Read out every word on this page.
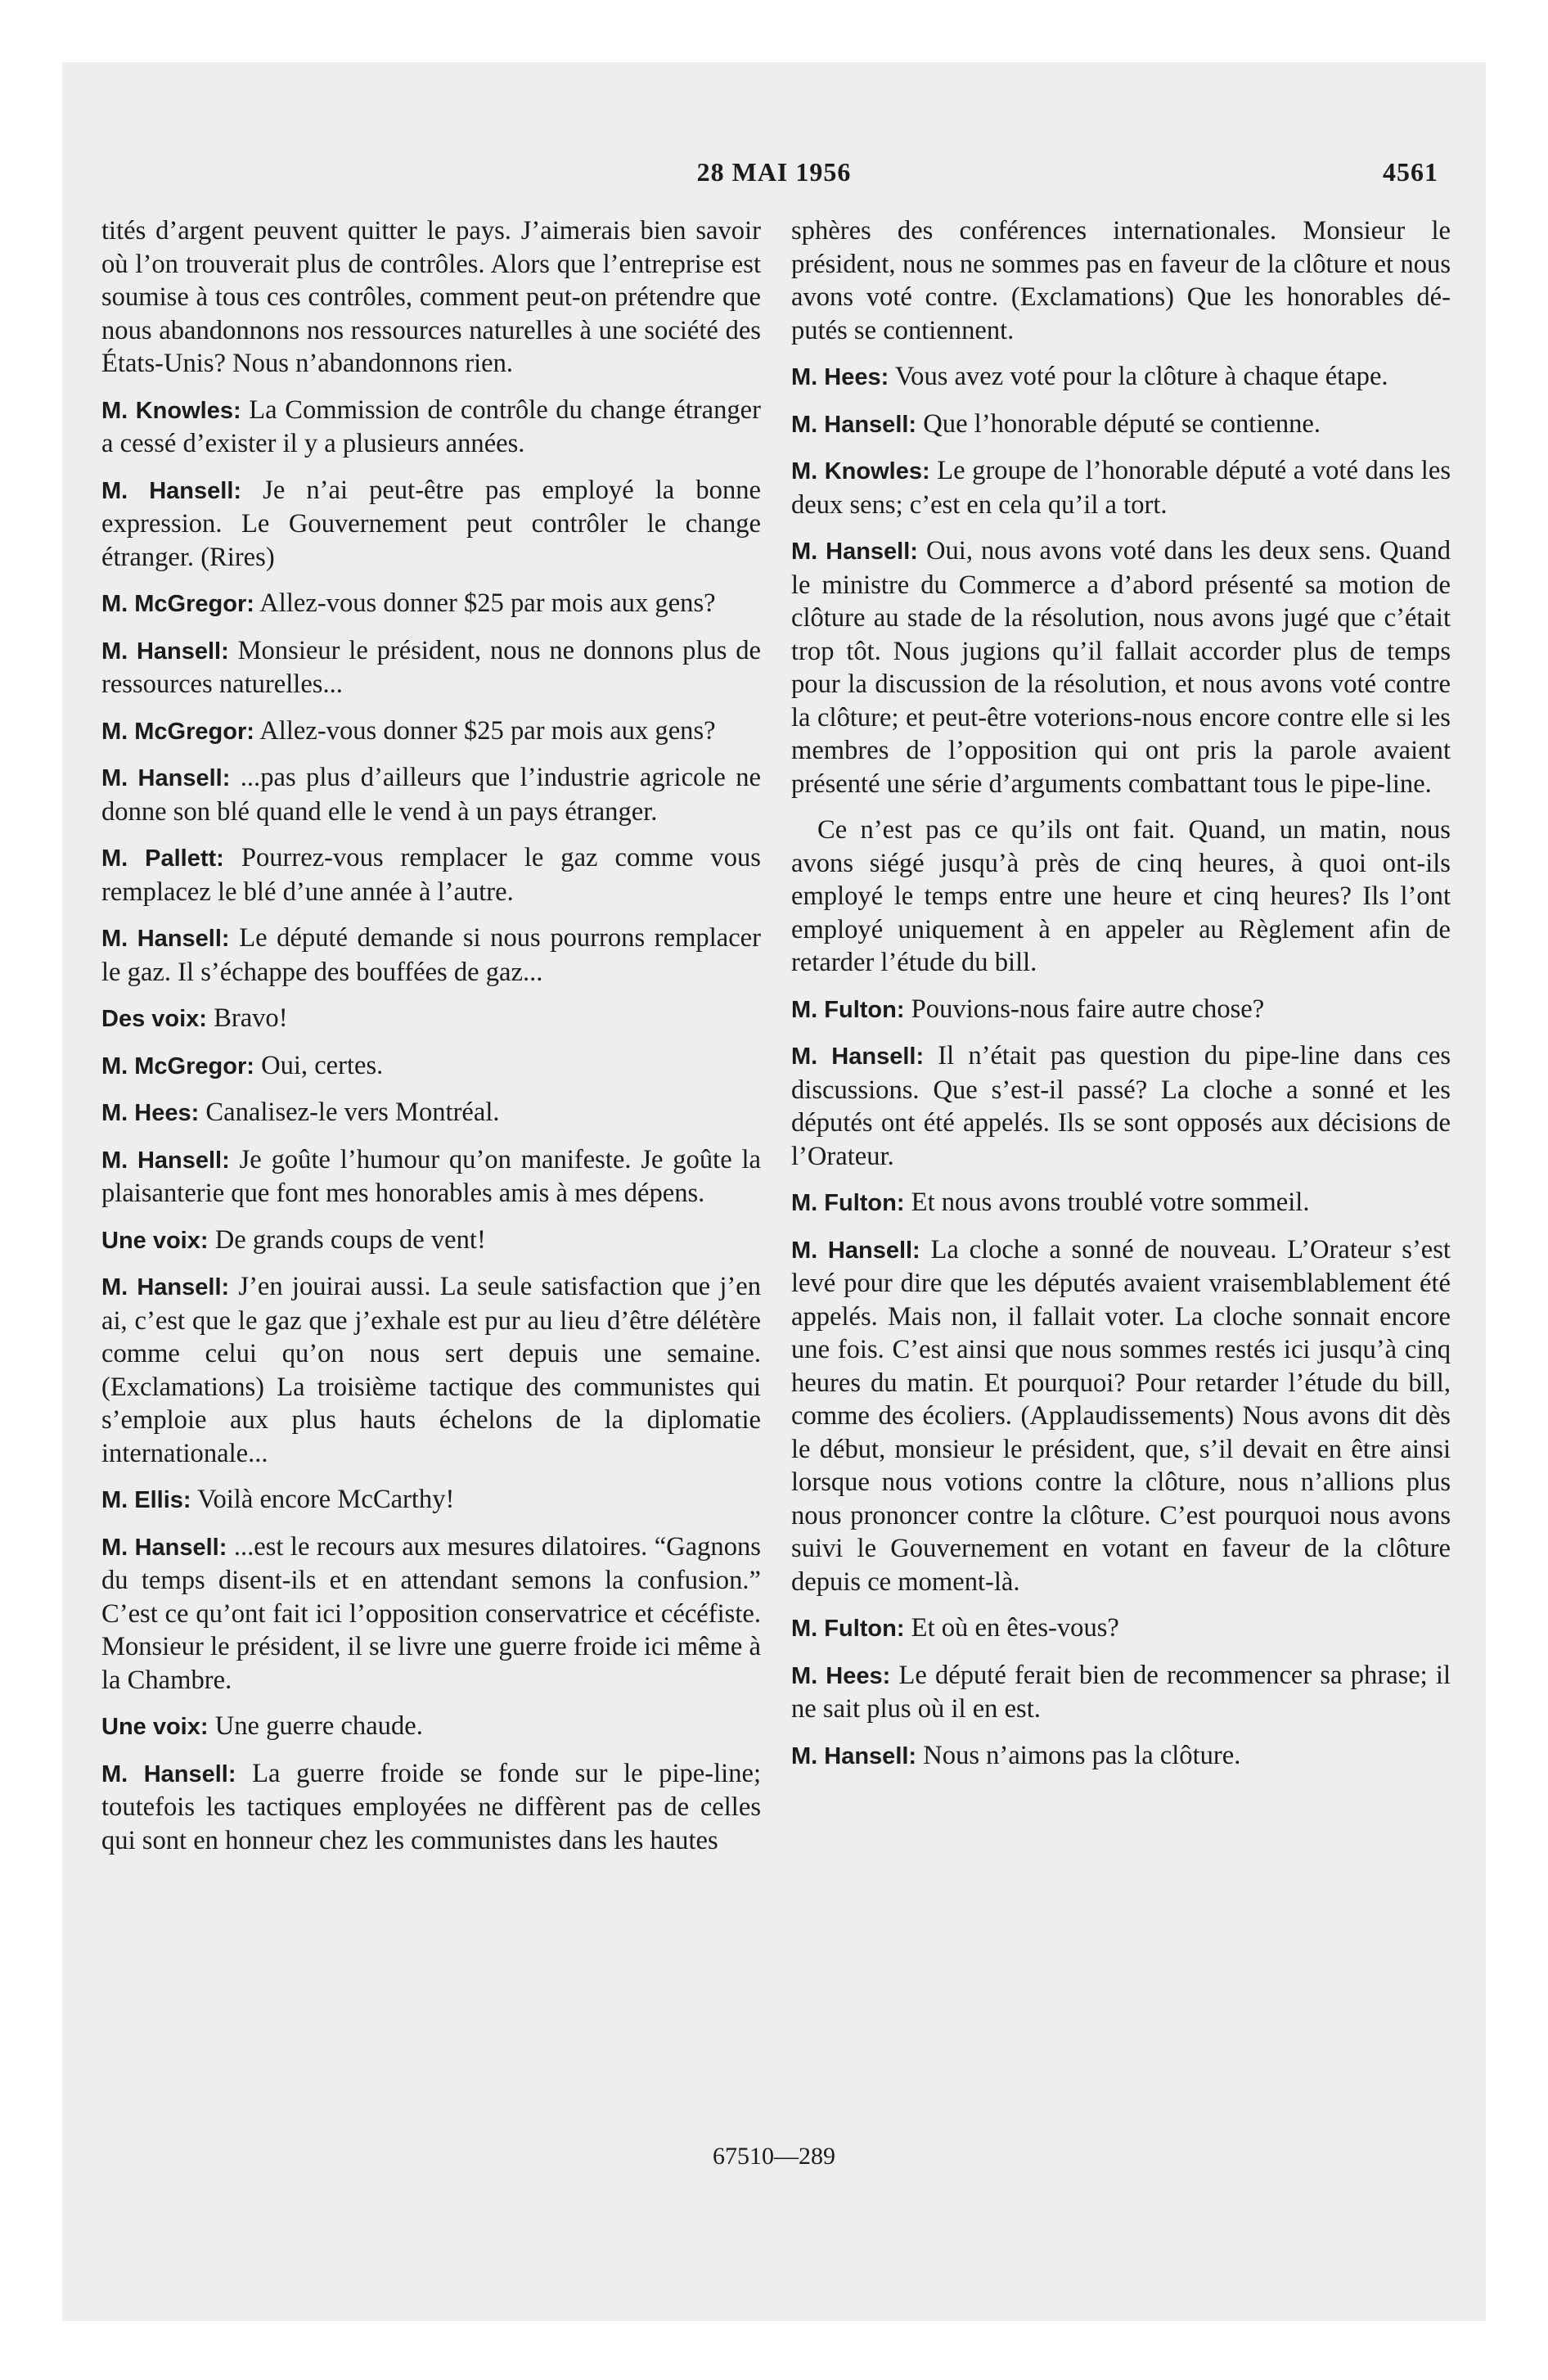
28 MAI 1956	4561

tités d’argent peuvent quitter le pays. J’aimerais bien savoir où l’on trouverait plus de contrôles. Alors que l’entreprise est soumise à tous ces contrôles, comment peut-on prétendre que nous abandonnons nos ressources naturelles à une société des États-Unis? Nous n’abandonnons rien.

M. Knowles: La Commission de contrôle du change étranger a cessé d’exister il y a plusieurs années.

M. Hansell: Je n’ai peut-être pas employé la bonne expression. Le Gouvernement peut contrôler le change étranger. (Rires)

M. McGregor: Allez-vous donner $25 par mois aux gens?

M. Hansell: Monsieur le président, nous ne donnons plus de ressources naturelles...

M. McGregor: Allez-vous donner $25 par mois aux gens?

M. Hansell: ...pas plus d’ailleurs que l’industrie agricole ne donne son blé quand elle le vend à un pays étranger.

M. Pallett: Pourrez-vous remplacer le gaz comme vous remplacez le blé d’une année à l’autre.

M. Hansell: Le député demande si nous pourrons remplacer le gaz. Il s’échappe des bouffées de gaz...

Des voix: Bravo!

M. McGregor: Oui, certes.

M. Hees: Canalisez-le vers Montréal.

M. Hansell: Je goûte l’humour qu’on manifeste. Je goûte la plaisanterie que font mes honorables amis à mes dépens.

Une voix: De grands coups de vent!

M. Hansell: J’en jouirai aussi. La seule satisfaction que j’en ai, c’est que le gaz que j’exhale est pur au lieu d’être délétère comme celui qu’on nous sert depuis une semaine. (Exclamations) La troisième tactique des communistes qui s’emploie aux plus hauts échelons de la diplomatie internationale...

M. Ellis: Voilà encore McCarthy!

M. Hansell: ...est le recours aux mesures dilatoires. “Gagnons du temps disent-ils et en attendant semons la confusion.” C’est ce qu’ont fait ici l’opposition conservatrice et cécéfiste. Monsieur le président, il se livre une guerre froide ici même à la Chambre.

Une voix: Une guerre chaude.

M. Hansell: La guerre froide se fonde sur le pipe-line; toutefois les tactiques employées ne diffèrent pas de celles qui sont en honneur chez les communistes dans les hautes

sphères des conférences internationales. Monsieur le président, nous ne sommes pas en faveur de la clôture et nous avons voté contre. (Exclamations) Que les honorables députés se contiennent.

M. Hees: Vous avez voté pour la clôture à chaque étape.

M. Hansell: Que l’honorable député se contienne.

M. Knowles: Le groupe de l’honorable député a voté dans les deux sens; c’est en cela qu’il a tort.

M. Hansell: Oui, nous avons voté dans les deux sens. Quand le ministre du Commerce a d’abord présenté sa motion de clôture au stade de la résolution, nous avons jugé que c’était trop tôt. Nous jugions qu’il fallait accorder plus de temps pour la discussion de la résolution, et nous avons voté contre la clôture; et peut-être voterions-nous encore contre elle si les membres de l’opposition qui ont pris la parole avaient présenté une série d’arguments combattant tous le pipe-line.

Ce n’est pas ce qu’ils ont fait. Quand, un matin, nous avons siégé jusqu’à près de cinq heures, à quoi ont-ils employé le temps entre une heure et cinq heures? Ils l’ont employé uniquement à en appeler au Règlement afin de retarder l’étude du bill.

M. Fulton: Pouvions-nous faire autre chose?

M. Hansell: Il n’était pas question du pipe-line dans ces discussions. Que s’est-il passé? La cloche a sonné et les députés ont été appelés. Ils se sont opposés aux décisions de l’Orateur.

M. Fulton: Et nous avons troublé votre sommeil.

M. Hansell: La cloche a sonné de nouveau. L’Orateur s’est levé pour dire que les députés avaient vraisemblablement été appelés. Mais non, il fallait voter. La cloche sonnait encore une fois. C’est ainsi que nous sommes restés ici jusqu’à cinq heures du matin. Et pourquoi? Pour retarder l’étude du bill, comme des écoliers. (Applaudissements) Nous avons dit dès le début, monsieur le président, que, s’il devait en être ainsi lorsque nous votions contre la clôture, nous n’allions plus nous prononcer contre la clôture. C’est pourquoi nous avons suivi le Gouvernement en votant en faveur de la clôture depuis ce moment-là.

M. Fulton: Et où en êtes-vous?

M. Hees: Le député ferait bien de recommencer sa phrase; il ne sait plus où il en est.

M. Hansell: Nous n’aimons pas la clôture.

67510—289
